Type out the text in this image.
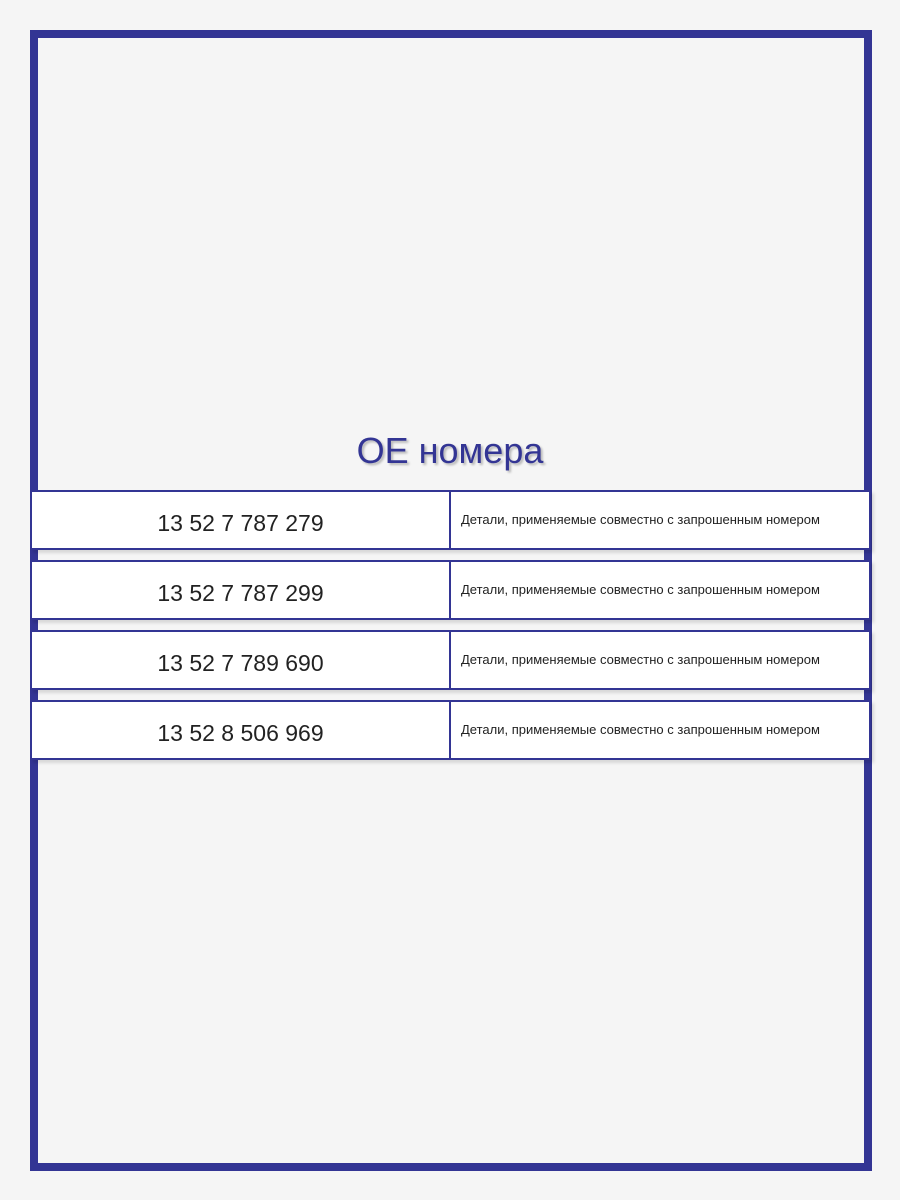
ОЕ номера
13 52 7 787 279	Детали, применяемые совместно с запрошенным номером
13 52 7 787 299	Детали, применяемые совместно с запрошенным номером
13 52 7 789 690	Детали, применяемые совместно с запрошенным номером
13 52 8 506 969	Детали, применяемые совместно с запрошенным номером
